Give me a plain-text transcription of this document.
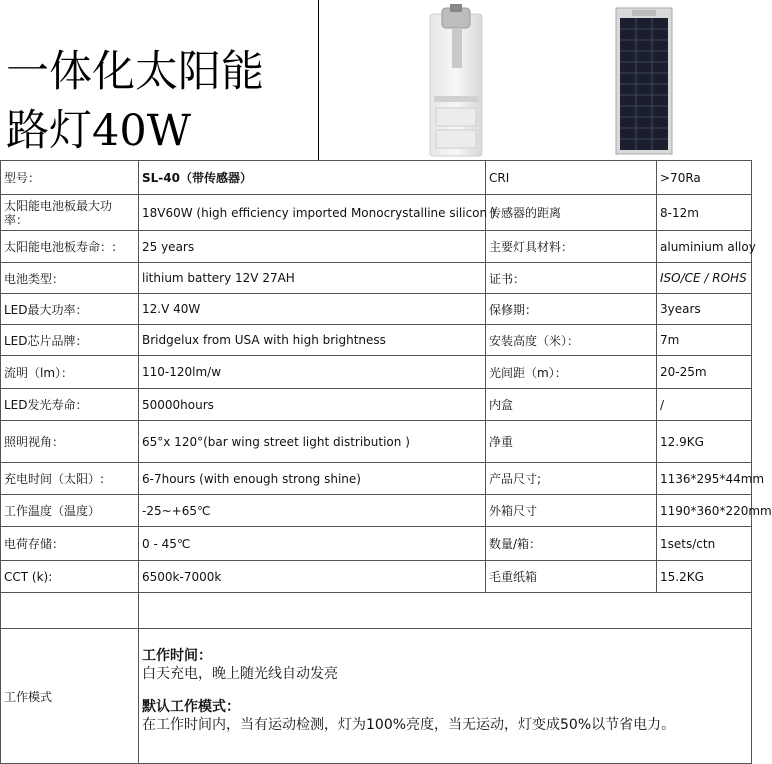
一体化太阳能
路灯40W
型号：	SL-40（带传感器）	CRI	>70Ra
太阳能电池板最大功率：	18V60W (high efficiency imported Monocrystalline silicon )	传感器的距离	8-12m
太阳能电池板寿命：:	25 years	主要灯具材料：	aluminium alloy
电池类型：	lithium battery 12V 27AH	证书：	ISO/CE / ROHS
LED最大功率：	12.V 40W	保修期：	3years
LED芯片品牌：	Bridgelux from USA with high brightness	安装高度（米）：	7m
流明（lm）：	110-120lm/w	光间距（m）：	20-25m
LED发光寿命：	50000hours	内盒	/
照明视角：	65°x 120°(bar wing street light distribution )	净重	12.9KG
充电时间（太阳）:	6-7hours (with enough strong shine)	产品尺寸;	1136*295*44mm
工作温度（温度）	-25~+65℃	外箱尺寸	1190*360*220mm
电荷存储：	0 - 45℃	数量/箱：	1sets/ctn
CCT (k):	6500k-7000k	毛重纸箱	15.2KG

工作模式	工作时间：
白天充电，晚上随光线自动发亮
默认工作模式：
在工作时间内，当有运动检测，灯为100%亮度，当无运动，灯变成50%以节省电力。		
